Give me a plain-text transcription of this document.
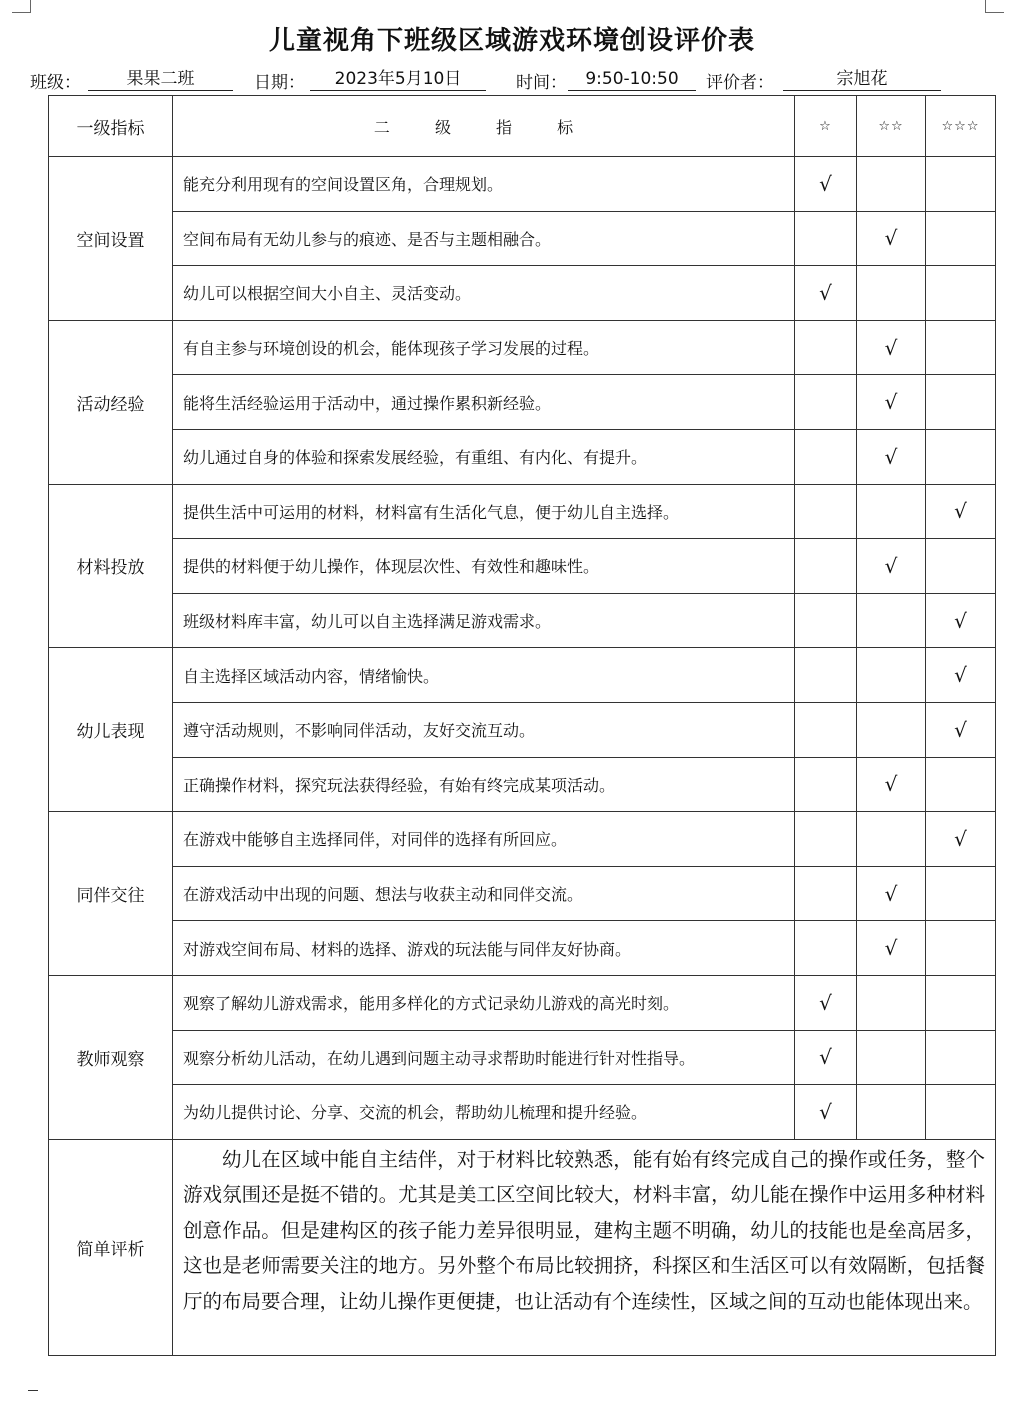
儿童视角下班级区域游戏环境创设评价表
班级：	果果二班	日期：	2023年5月10日	时间：	9:50-10:50	评价者：	宗旭花
一级指标	二 级 指 标	☆	☆☆	☆☆☆
空间设置	能充分利用现有的空间设置区角，合理规划。	√		
	空间布局有无幼儿参与的痕迹、是否与主题相融合。		√	
	幼儿可以根据空间大小自主、灵活变动。	√		
活动经验	有自主参与环境创设的机会，能体现孩子学习发展的过程。		√	
	能将生活经验运用于活动中，通过操作累积新经验。		√	
	幼儿通过自身的体验和探索发展经验，有重组、有内化、有提升。		√	
材料投放	提供生活中可运用的材料，材料富有生活化气息，便于幼儿自主选择。			√
	提供的材料便于幼儿操作，体现层次性、有效性和趣味性。		√	
	班级材料库丰富，幼儿可以自主选择满足游戏需求。			√
幼儿表现	自主选择区域活动内容，情绪愉快。			√
	遵守活动规则，不影响同伴活动，友好交流互动。			√
	正确操作材料，探究玩法获得经验，有始有终完成某项活动。		√	
同伴交往	在游戏中能够自主选择同伴，对同伴的选择有所回应。			√
	在游戏活动中出现的问题、想法与收获主动和同伴交流。		√	
	对游戏空间布局、材料的选择、游戏的玩法能与同伴友好协商。		√	
教师观察	观察了解幼儿游戏需求，能用多样化的方式记录幼儿游戏的高光时刻。	√		
	观察分析幼儿活动，在幼儿遇到问题主动寻求帮助时能进行针对性指导。	√		
	为幼儿提供讨论、分享、交流的机会，帮助幼儿梳理和提升经验。	√		
简单评析	幼儿在区域中能自主结伴，对于材料比较熟悉，能有始有终完成自己的操作或任务，整个游戏氛围还是挺不错的。尤其是美工区空间比较大，材料丰富，幼儿能在操作中运用多种材料创意作品。但是建构区的孩子能力差异很明显，建构主题不明确，幼儿的技能也是垒高居多，这也是老师需要关注的地方。另外整个布局比较拥挤，科探区和生活区可以有效隔断，包括餐厅的布局要合理，让幼儿操作更便捷，也让活动有个连续性，区域之间的互动也能体现出来。			
